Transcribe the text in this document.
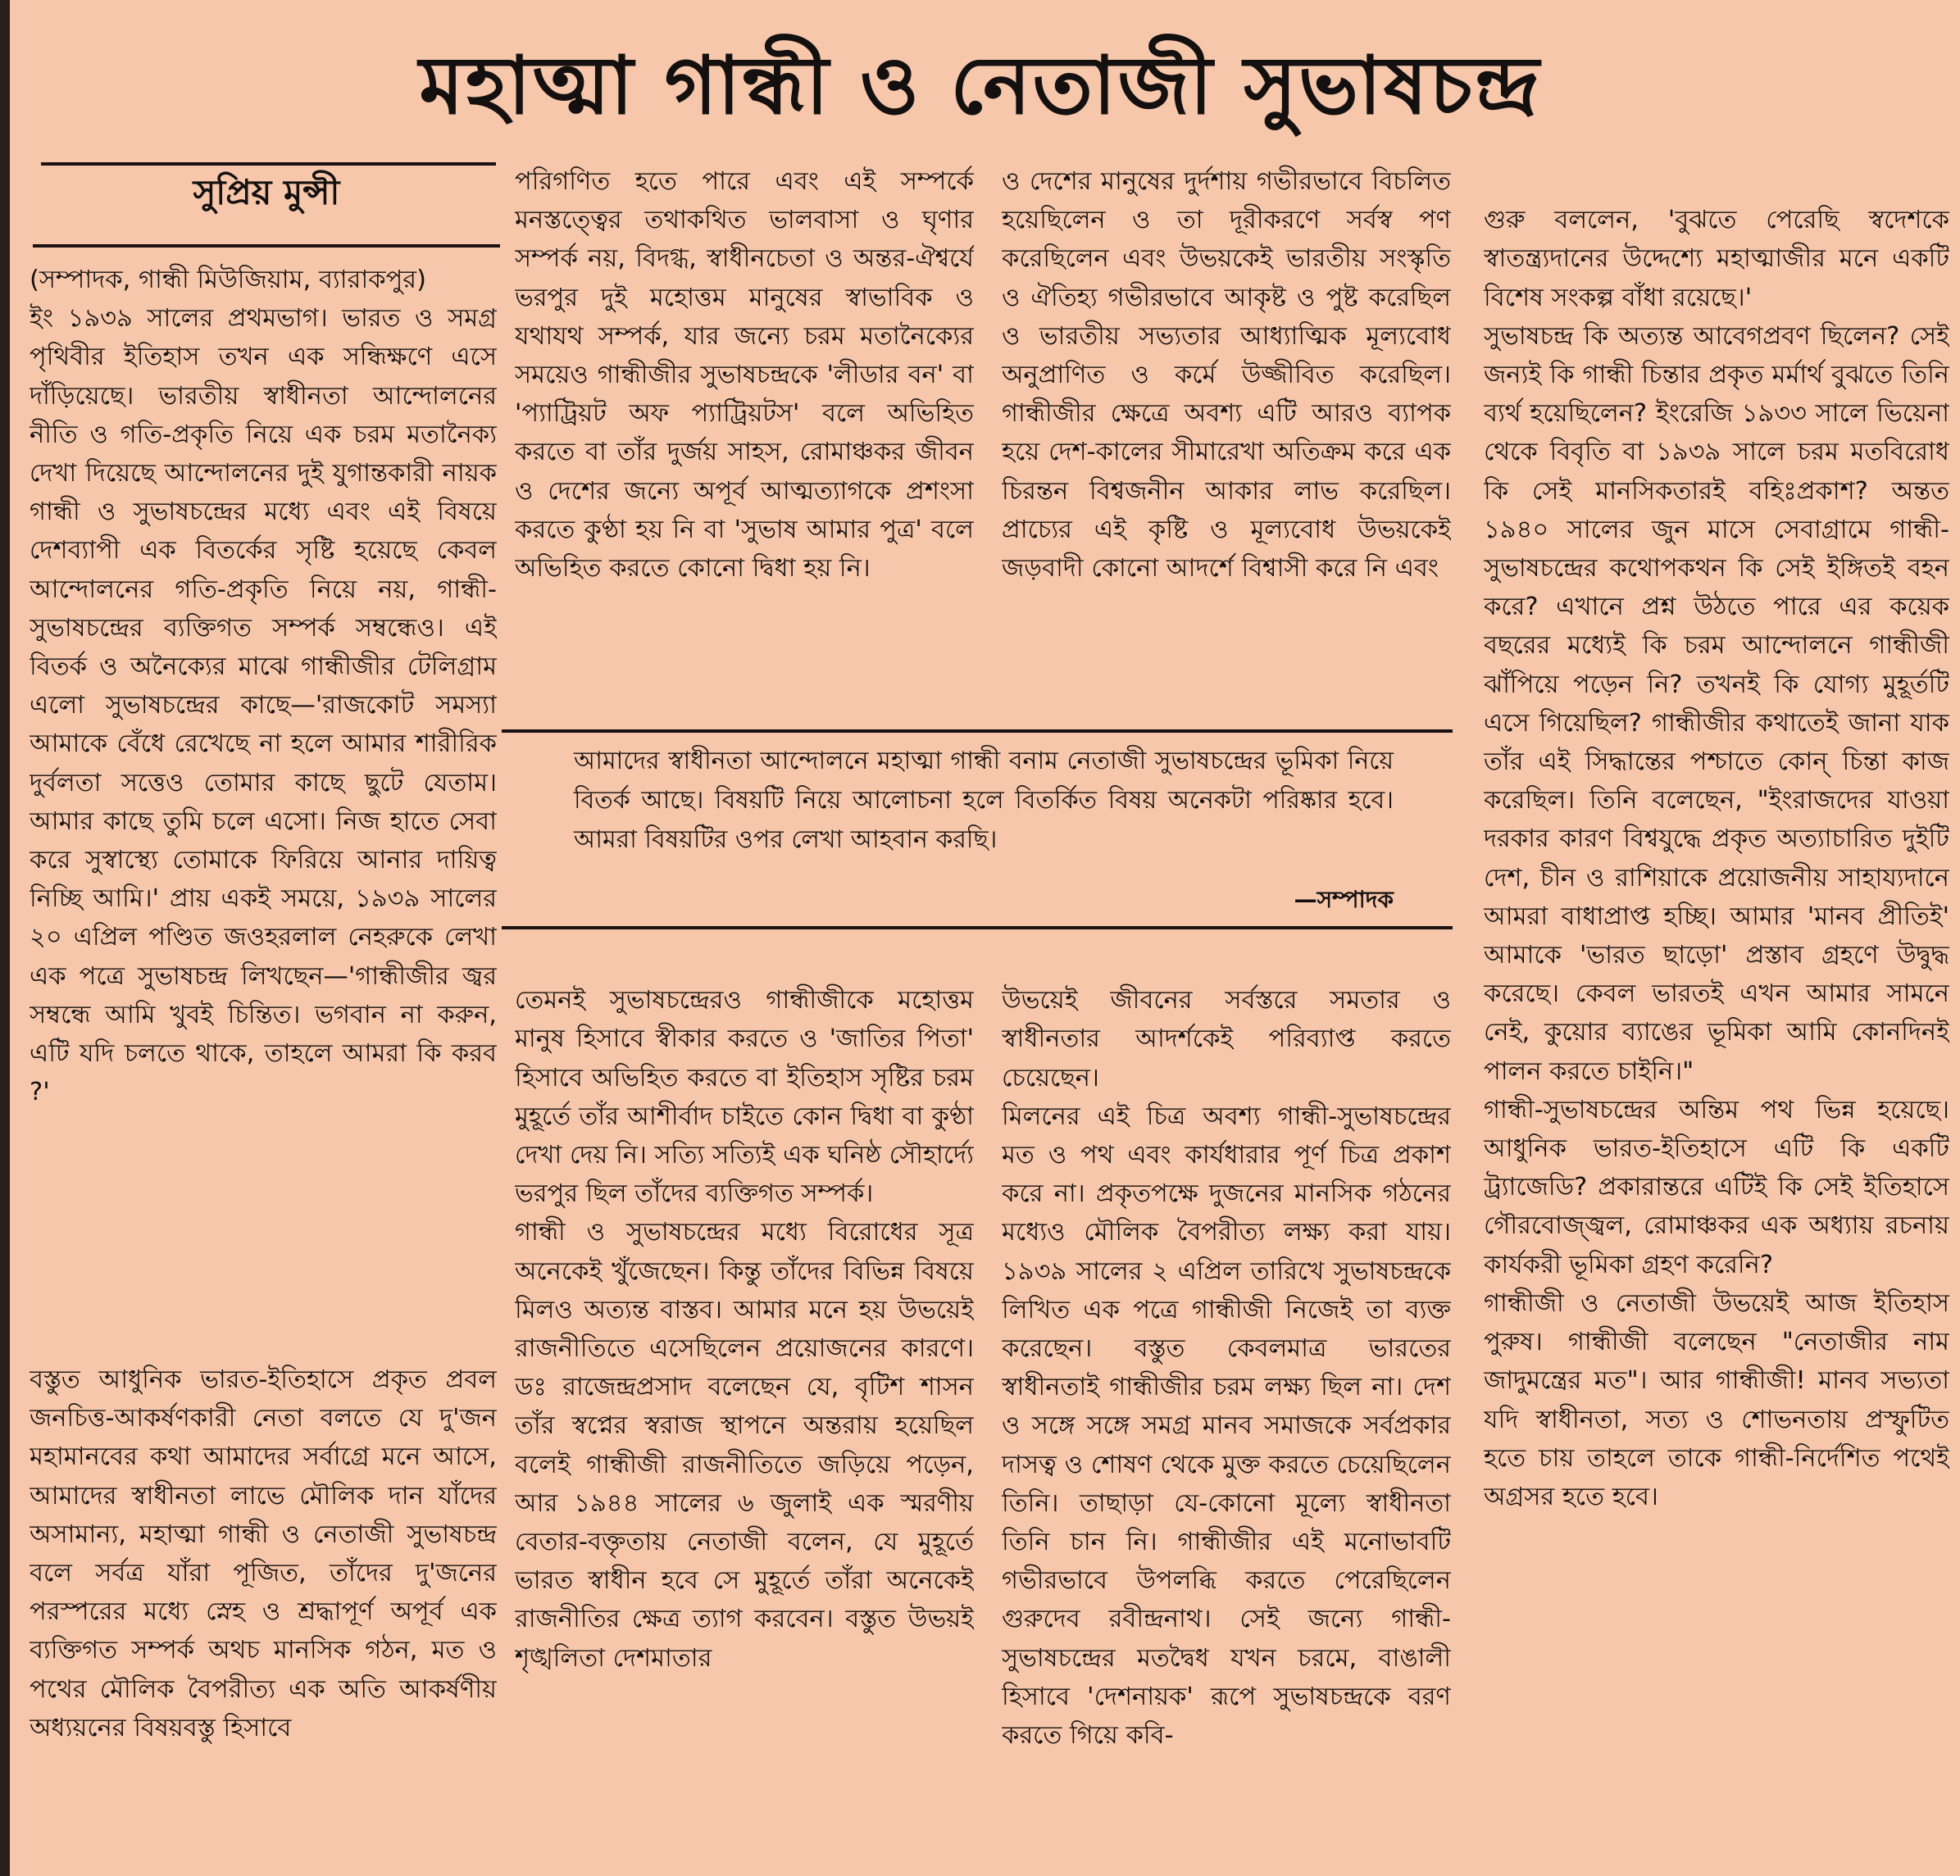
মহাত্মা গান্ধী ও নেতাজী সুভাষচন্দ্র
সুপ্রিয় মুন্সী

(সম্পাদক, গান্ধী মিউজিয়াম, ব্যারাকপুর)

ইং ১৯৩৯ সালের প্রথমভাগ। ভারত ও সমগ্র পৃথিবীর ইতিহাস তখন এক সন্ধিক্ষণে এসে দাঁড়িয়েছে। ভারতীয় স্বাধীনতা আন্দোলনের নীতি ও গতি-প্রকৃতি নিয়ে এক চরম মতানৈক্য দেখা দিয়েছে আন্দোলনের দুই যুগান্তকারী নায়ক গান্ধী ও সুভাষচন্দ্রের মধ্যে এবং এই বিষয়ে দেশব্যাপী এক বিতর্কের সৃষ্টি হয়েছে কেবল আন্দোলনের গতি-প্রকৃতি নিয়ে নয়, গান্ধী-সুভাষচন্দ্রের ব্যক্তিগত সম্পর্ক সম্বন্ধেও। এই বিতর্ক ও অনৈক্যের মাঝে গান্ধীজীর টেলিগ্রাম এলো সুভাষচন্দ্রের কাছে—'রাজকোট সমস্যা আমাকে বেঁধে রেখেছে না হলে আমার শারীরিক দুর্বলতা সত্তেও তোমার কাছে ছুটে যেতাম। আমার কাছে তুমি চলে এসো। নিজ হাতে সেবা করে সুস্বাস্থ্যে তোমাকে ফিরিয়ে আনার দায়িত্ব নিচ্ছি আমি।' প্রায় একই সময়ে, ১৯৩৯ সালের ২০ এপ্রিল পণ্ডিত জওহরলাল নেহরুকে লেখা এক পত্রে সুভাষচন্দ্র লিখছেন—'গান্ধীজীর জ্বর সম্বন্ধে আমি খুবই চিন্তিত। ভগবান না করুন, এটি যদি চলতে থাকে, তাহলে আমরা কি করব ?'

বস্তুত আধুনিক ভারত-ইতিহাসে প্রকৃত প্রবল জনচিত্ত-আকর্ষণকারী নেতা বলতে যে দু'জন মহামানবের কথা আমাদের সর্বাগ্রে মনে আসে, আমাদের স্বাধীনতা লাভে মৌলিক দান যাঁদের অসামান্য, মহাত্মা গান্ধী ও নেতাজী সুভাষচন্দ্র বলে সর্বত্র যাঁরা পূজিত, তাঁদের দু'জনের পরস্পরের মধ্যে স্নেহ ও শ্রদ্ধাপূর্ণ অপূর্ব এক ব্যক্তিগত সম্পর্ক অথচ মানসিক গঠন, মত ও পথের মৌলিক বৈপরীত্য এক অতি আকর্ষণীয় অধ্যয়নের বিষয়বস্তু হিসাবে

পরিগণিত হতে পারে এবং এই সম্পর্কে মনস্তত্ত্বের তথাকথিত ভালবাসা ও ঘৃণার সম্পর্ক নয়, বিদগ্ধ, স্বাধীনচেতা ও অন্তর-ঐশ্বর্যে ভরপুর দুই মহোত্তম মানুষের স্বাভাবিক ও যথাযথ সম্পর্ক, যার জন্যে চরম মতানৈক্যের সময়েও গান্ধীজীর সুভাষচন্দ্রকে 'লীডার বন' বা 'প্যাট্রিয়ট অফ প্যাট্রিয়টস' বলে অভিহিত করতে বা তাঁর দুর্জয় সাহস, রোমাঞ্চকর জীবন ও দেশের জন্যে অপূর্ব আত্মত্যাগকে প্রশংসা করতে কুণ্ঠা হয় নি বা 'সুভাষ আমার পুত্র' বলে অভিহিত করতে কোনো দ্বিধা হয় নি।

ও দেশের মানুষের দুর্দশায় গভীরভাবে বিচলিত হয়েছিলেন ও তা দূরীকরণে সর্বস্ব পণ করেছিলেন এবং উভয়কেই ভারতীয় সংস্কৃতি ও ঐতিহ্য গভীরভাবে আকৃষ্ট ও পুষ্ট করেছিল ও ভারতীয় সভ্যতার আধ্যাত্মিক মূল্যবোধ অনুপ্রাণিত ও কর্মে উজ্জীবিত করেছিল। গান্ধীজীর ক্ষেত্রে অবশ্য এটি আরও ব্যাপক হয়ে দেশ-কালের সীমারেখা অতিক্রম করে এক চিরন্তন বিশ্বজনীন আকার লাভ করেছিল। প্রাচ্যের এই কৃষ্টি ও মূল্যবোধ উভয়কেই জড়বাদী কোনো আদর্শে বিশ্বাসী করে নি এবং

আমাদের স্বাধীনতা আন্দোলনে মহাত্মা গান্ধী বনাম নেতাজী সুভাষচন্দ্রের ভূমিকা নিয়ে বিতর্ক আছে। বিষয়টি নিয়ে আলোচনা হলে বিতর্কিত বিষয় অনেকটা পরিষ্কার হবে। আমরা বিষয়টির ওপর লেখা আহবান করছি।
—সম্পাদক

তেমনই সুভাষচন্দ্রেরও গান্ধীজীকে মহোত্তম মানুষ হিসাবে স্বীকার করতে ও 'জাতির পিতা' হিসাবে অভিহিত করতে বা ইতিহাস সৃষ্টির চরম মুহূর্তে তাঁর আশীর্বাদ চাইতে কোন দ্বিধা বা কুণ্ঠা দেখা দেয় নি। সত্যি সত্যিই এক ঘনিষ্ঠ সৌহার্দ্যে ভরপুর ছিল তাঁদের ব্যক্তিগত সম্পর্ক।
গান্ধী ও সুভাষচন্দ্রের মধ্যে বিরোধের সূত্র অনেকেই খুঁজেছেন। কিন্তু তাঁদের বিভিন্ন বিষয়ে মিলও অত্যন্ত বাস্তব। আমার মনে হয় উভয়েই রাজনীতিতে এসেছিলেন প্রয়োজনের কারণে। ডঃ রাজেন্দ্রপ্রসাদ বলেছেন যে, বৃটিশ শাসন তাঁর স্বপ্নের স্বরাজ স্থাপনে অন্তরায় হয়েছিল বলেই গান্ধীজী রাজনীতিতে জড়িয়ে পড়েন, আর ১৯৪৪ সালের ৬ জুলাই এক স্মরণীয় বেতার-বক্তৃতায় নেতাজী বলেন, যে মুহূর্তে ভারত স্বাধীন হবে সে মুহূর্তে তাঁরা অনেকেই রাজনীতির ক্ষেত্র ত্যাগ করবেন। বস্তুত উভয়ই শৃঙ্খলিতা দেশমাতার

উভয়েই জীবনের সর্বস্তরে সমতার ও স্বাধীনতার আদর্শকেই পরিব্যাপ্ত করতে চেয়েছেন।
মিলনের এই চিত্র অবশ্য গান্ধী-সুভাষচন্দ্রের মত ও পথ এবং কার্যধারার পূর্ণ চিত্র প্রকাশ করে না। প্রকৃতপক্ষে দুজনের মানসিক গঠনের মধ্যেও মৌলিক বৈপরীত্য লক্ষ্য করা যায়। ১৯৩৯ সালের ২ এপ্রিল তারিখে সুভাষচন্দ্রকে লিখিত এক পত্রে গান্ধীজী নিজেই তা ব্যক্ত করেছেন। বস্তুত কেবলমাত্র ভারতের স্বাধীনতাই গান্ধীজীর চরম লক্ষ্য ছিল না। দেশ ও সঙ্গে সঙ্গে সমগ্র মানব সমাজকে সর্বপ্রকার দাসত্ব ও শোষণ থেকে মুক্ত করতে চেয়েছিলেন তিনি। তাছাড়া যে-কোনো মূল্যে স্বাধীনতা তিনি চান নি। গান্ধীজীর এই মনোভাবটি গভীরভাবে উপলব্ধি করতে পেরেছিলেন গুরুদেব রবীন্দ্রনাথ। সেই জন্যে গান্ধী-সুভাষচন্দ্রের মতদ্বৈধ যখন চরমে, বাঙালী হিসাবে 'দেশনায়ক' রূপে সুভাষচন্দ্রকে বরণ করতে গিয়ে কবি-

গুরু বললেন, 'বুঝতে পেরেছি স্বদেশকে স্বাতন্ত্র্যদানের উদ্দেশ্যে মহাত্মাজীর মনে একটি বিশেষ সংকল্প বাঁধা রয়েছে।'
সুভাষচন্দ্র কি অত্যন্ত আবেগপ্রবণ ছিলেন? সেই জন্যই কি গান্ধী চিন্তার প্রকৃত মর্মার্থ বুঝতে তিনি ব্যর্থ হয়েছিলেন? ইংরেজি ১৯৩৩ সালে ভিয়েনা থেকে বিবৃতি বা ১৯৩৯ সালে চরম মতবিরোধ কি সেই মানসিকতারই বহিঃপ্রকাশ? অন্তত ১৯৪০ সালের জুন মাসে সেবাগ্রামে গান্ধী-সুভাষচন্দ্রের কথোপকথন কি সেই ইঙ্গিতই বহন করে? এখানে প্রশ্ন উঠতে পারে এর কয়েক বছরের মধ্যেই কি চরম আন্দোলনে গান্ধীজী ঝাঁপিয়ে পড়েন নি? তখনই কি যোগ্য মুহূর্তটি এসে গিয়েছিল? গান্ধীজীর কথাতেই জানা যাক তাঁর এই সিদ্ধান্তের পশ্চাতে কোন্ চিন্তা কাজ করেছিল। তিনি বলেছেন, "ইংরাজদের যাওয়া দরকার কারণ বিশ্বযুদ্ধে প্রকৃত অত্যাচারিত দুইটি দেশ, চীন ও রাশিয়াকে প্রয়োজনীয় সাহায্যদানে আমরা বাধাপ্রাপ্ত হচ্ছি। আমার 'মানব প্রীতিই' আমাকে 'ভারত ছাড়ো' প্রস্তাব গ্রহণে উদ্বুদ্ধ করেছে। কেবল ভারতই এখন আমার সামনে নেই, কুয়োর ব্যাঙের ভূমিকা আমি কোনদিনই পালন করতে চাইনি।"
গান্ধী-সুভাষচন্দ্রের অন্তিম পথ ভিন্ন হয়েছে। আধুনিক ভারত-ইতিহাসে এটি কি একটি ট্র্যাজেডি? প্রকারান্তরে এটিই কি সেই ইতিহাসে গৌরবোজ্জ্বল, রোমাঞ্চকর এক অধ্যায় রচনায় কার্যকরী ভূমিকা গ্রহণ করেনি?
গান্ধীজী ও নেতাজী উভয়েই আজ ইতিহাস পুরুষ। গান্ধীজী বলেছেন "নেতাজীর নাম জাদুমন্ত্রের মত"। আর গান্ধীজী! মানব সভ্যতা যদি স্বাধীনতা, সত্য ও শোভনতায় প্রস্ফুটিত হতে চায় তাহলে তাকে গান্ধী-নির্দেশিত পথেই অগ্রসর হতে হবে।
